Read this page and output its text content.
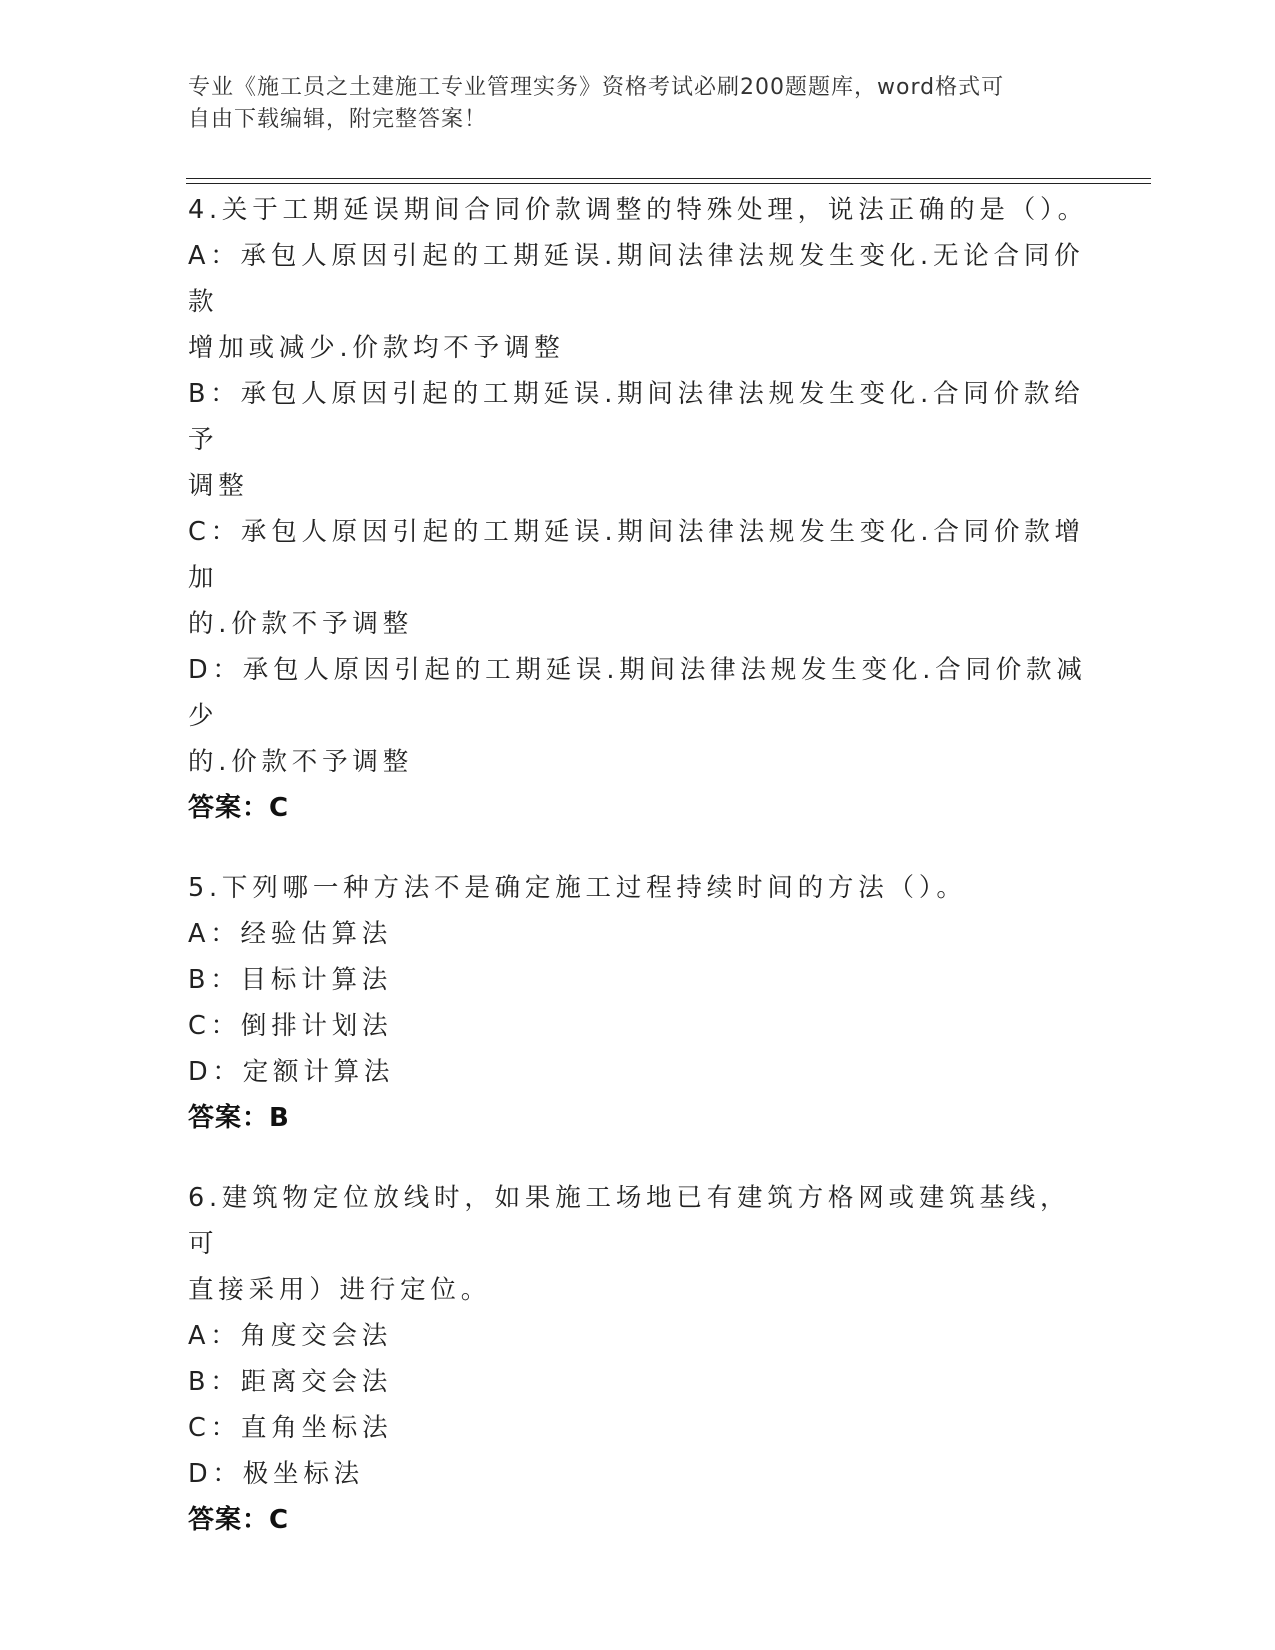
专业《施工员之土建施工专业管理实务》资格考试必刷200题题库，word格式可
自由下载编辑，附完整答案！
4.关于工期延误期间合同价款调整的特殊处理，说法正确的是（）。
A：承包人原因引起的工期延误.期间法律法规发生变化.无论合同价款
增加或减少.价款均不予调整
B：承包人原因引起的工期延误.期间法律法规发生变化.合同价款给予
调整
C：承包人原因引起的工期延误.期间法律法规发生变化.合同价款增加
的.价款不予调整
D：承包人原因引起的工期延误.期间法律法规发生变化.合同价款减少
的.价款不予调整
答案：C
5.下列哪一种方法不是确定施工过程持续时间的方法（）。
A：经验估算法
B：目标计算法
C：倒排计划法
D：定额计算法
答案：B
6.建筑物定位放线时，如果施工场地已有建筑方格网或建筑基线，可
直接采用）进行定位。
A：角度交会法
B：距离交会法
C：直角坐标法
D：极坐标法
答案：C
